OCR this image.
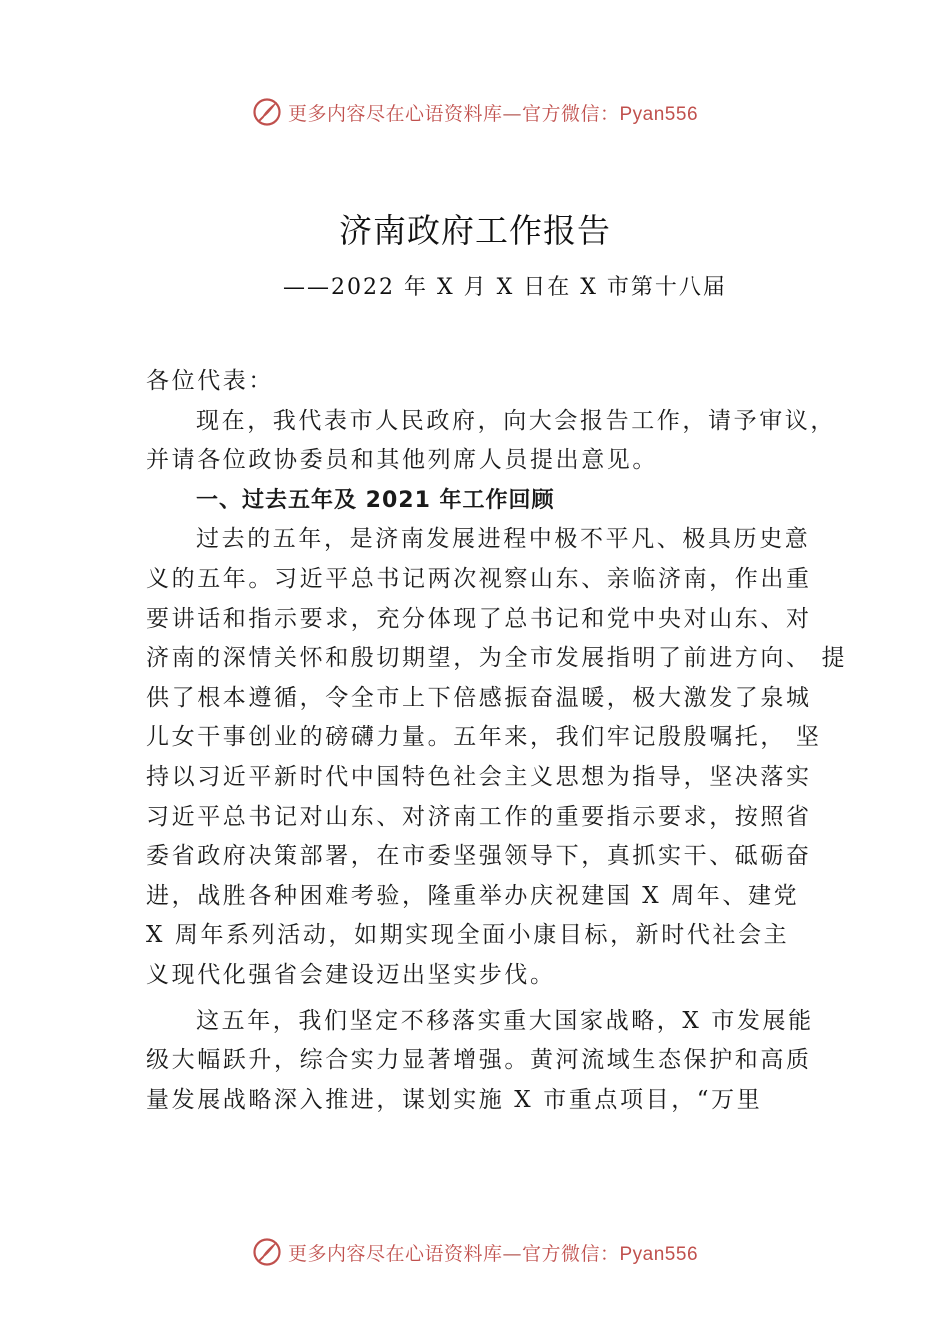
更多内容尽在心语资料库—官方微信：Pyan556
济南政府工作报告
——2022 年 X 月 X 日在 X 市第十八届
各位代表：
现在，我代表市人民政府，向大会报告工作，请予审议，
并请各位政协委员和其他列席人员提出意见。
一、过去五年及 2021 年工作回顾
过去的五年，是济南发展进程中极不平凡、极具历史意
义的五年。习近平总书记两次视察山东、亲临济南，作出重
要讲话和指示要求，充分体现了总书记和党中央对山东、对
济南的深情关怀和殷切期望，为全市发展指明了前进方向、 提
供了根本遵循，令全市上下倍感振奋温暖，极大激发了泉城
儿女干事创业的磅礴力量。五年来，我们牢记殷殷嘱托， 坚
持以习近平新时代中国特色社会主义思想为指导，坚决落实
习近平总书记对山东、对济南工作的重要指示要求，按照省
委省政府决策部署，在市委坚强领导下，真抓实干、砥砺奋
进，战胜各种困难考验，隆重举办庆祝建国 X 周年、建党
X 周年系列活动，如期实现全面小康目标，新时代社会主
义现代化强省会建设迈出坚实步伐。
这五年，我们坚定不移落实重大国家战略，X 市发展能
级大幅跃升，综合实力显著增强。黄河流域生态保护和高质
量发展战略深入推进，谋划实施 X 市重点项目，“万里
更多内容尽在心语资料库—官方微信：Pyan556
